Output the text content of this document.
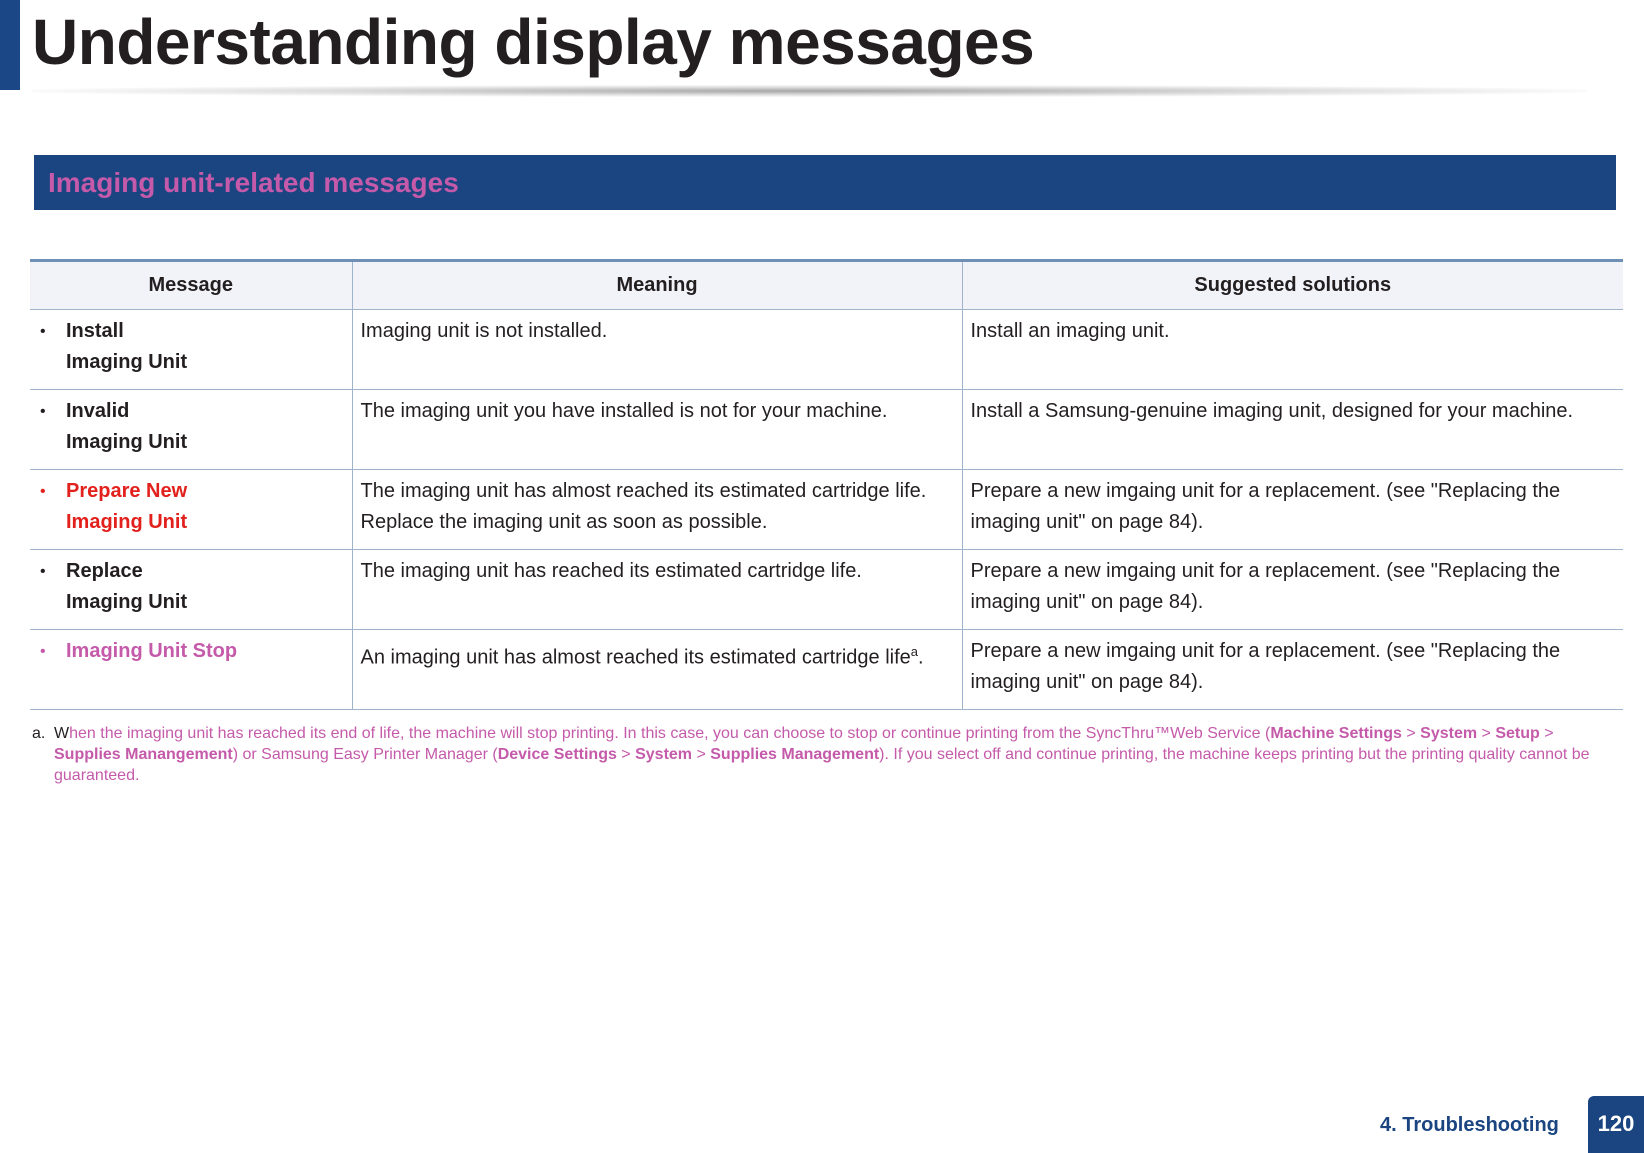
Understanding display messages
Imaging unit-related messages
Message	Meaning	Suggested solutions

• Install
Imaging Unit	Imaging unit is not installed.	Install an imaging unit.

• Invalid
Imaging Unit	The imaging unit you have installed is not for your machine.	Install a Samsung-genuine imaging unit, designed for your machine.

• Prepare New
Imaging Unit	The imaging unit has almost reached its estimated cartridge life. Replace the imaging unit as soon as possible.	Prepare a new imgaing unit for a replacement. (see "Replacing the imaging unit" on page 84).

• Replace
Imaging Unit	The imaging unit has reached its estimated cartridge life.	Prepare a new imgaing unit for a replacement. (see "Replacing the imaging unit" on page 84).

• Imaging Unit Stop	An imaging unit has almost reached its estimated cartridge life$^a$.	Prepare a new imgaing unit for a replacement. (see "Replacing the imaging unit" on page 84).
a. When the imaging unit has reached its end of life, the machine will stop printing. In this case, you can choose to stop or continue printing from the SyncThru™Web Service (Machine Settings > System > Setup > Supplies Manangement) or Samsung Easy Printer Manager (Device Settings > System > Supplies Management). If you select off and continue printing, the machine keeps printing but the printing quality cannot be guaranteed.
4. Troubleshooting	120
